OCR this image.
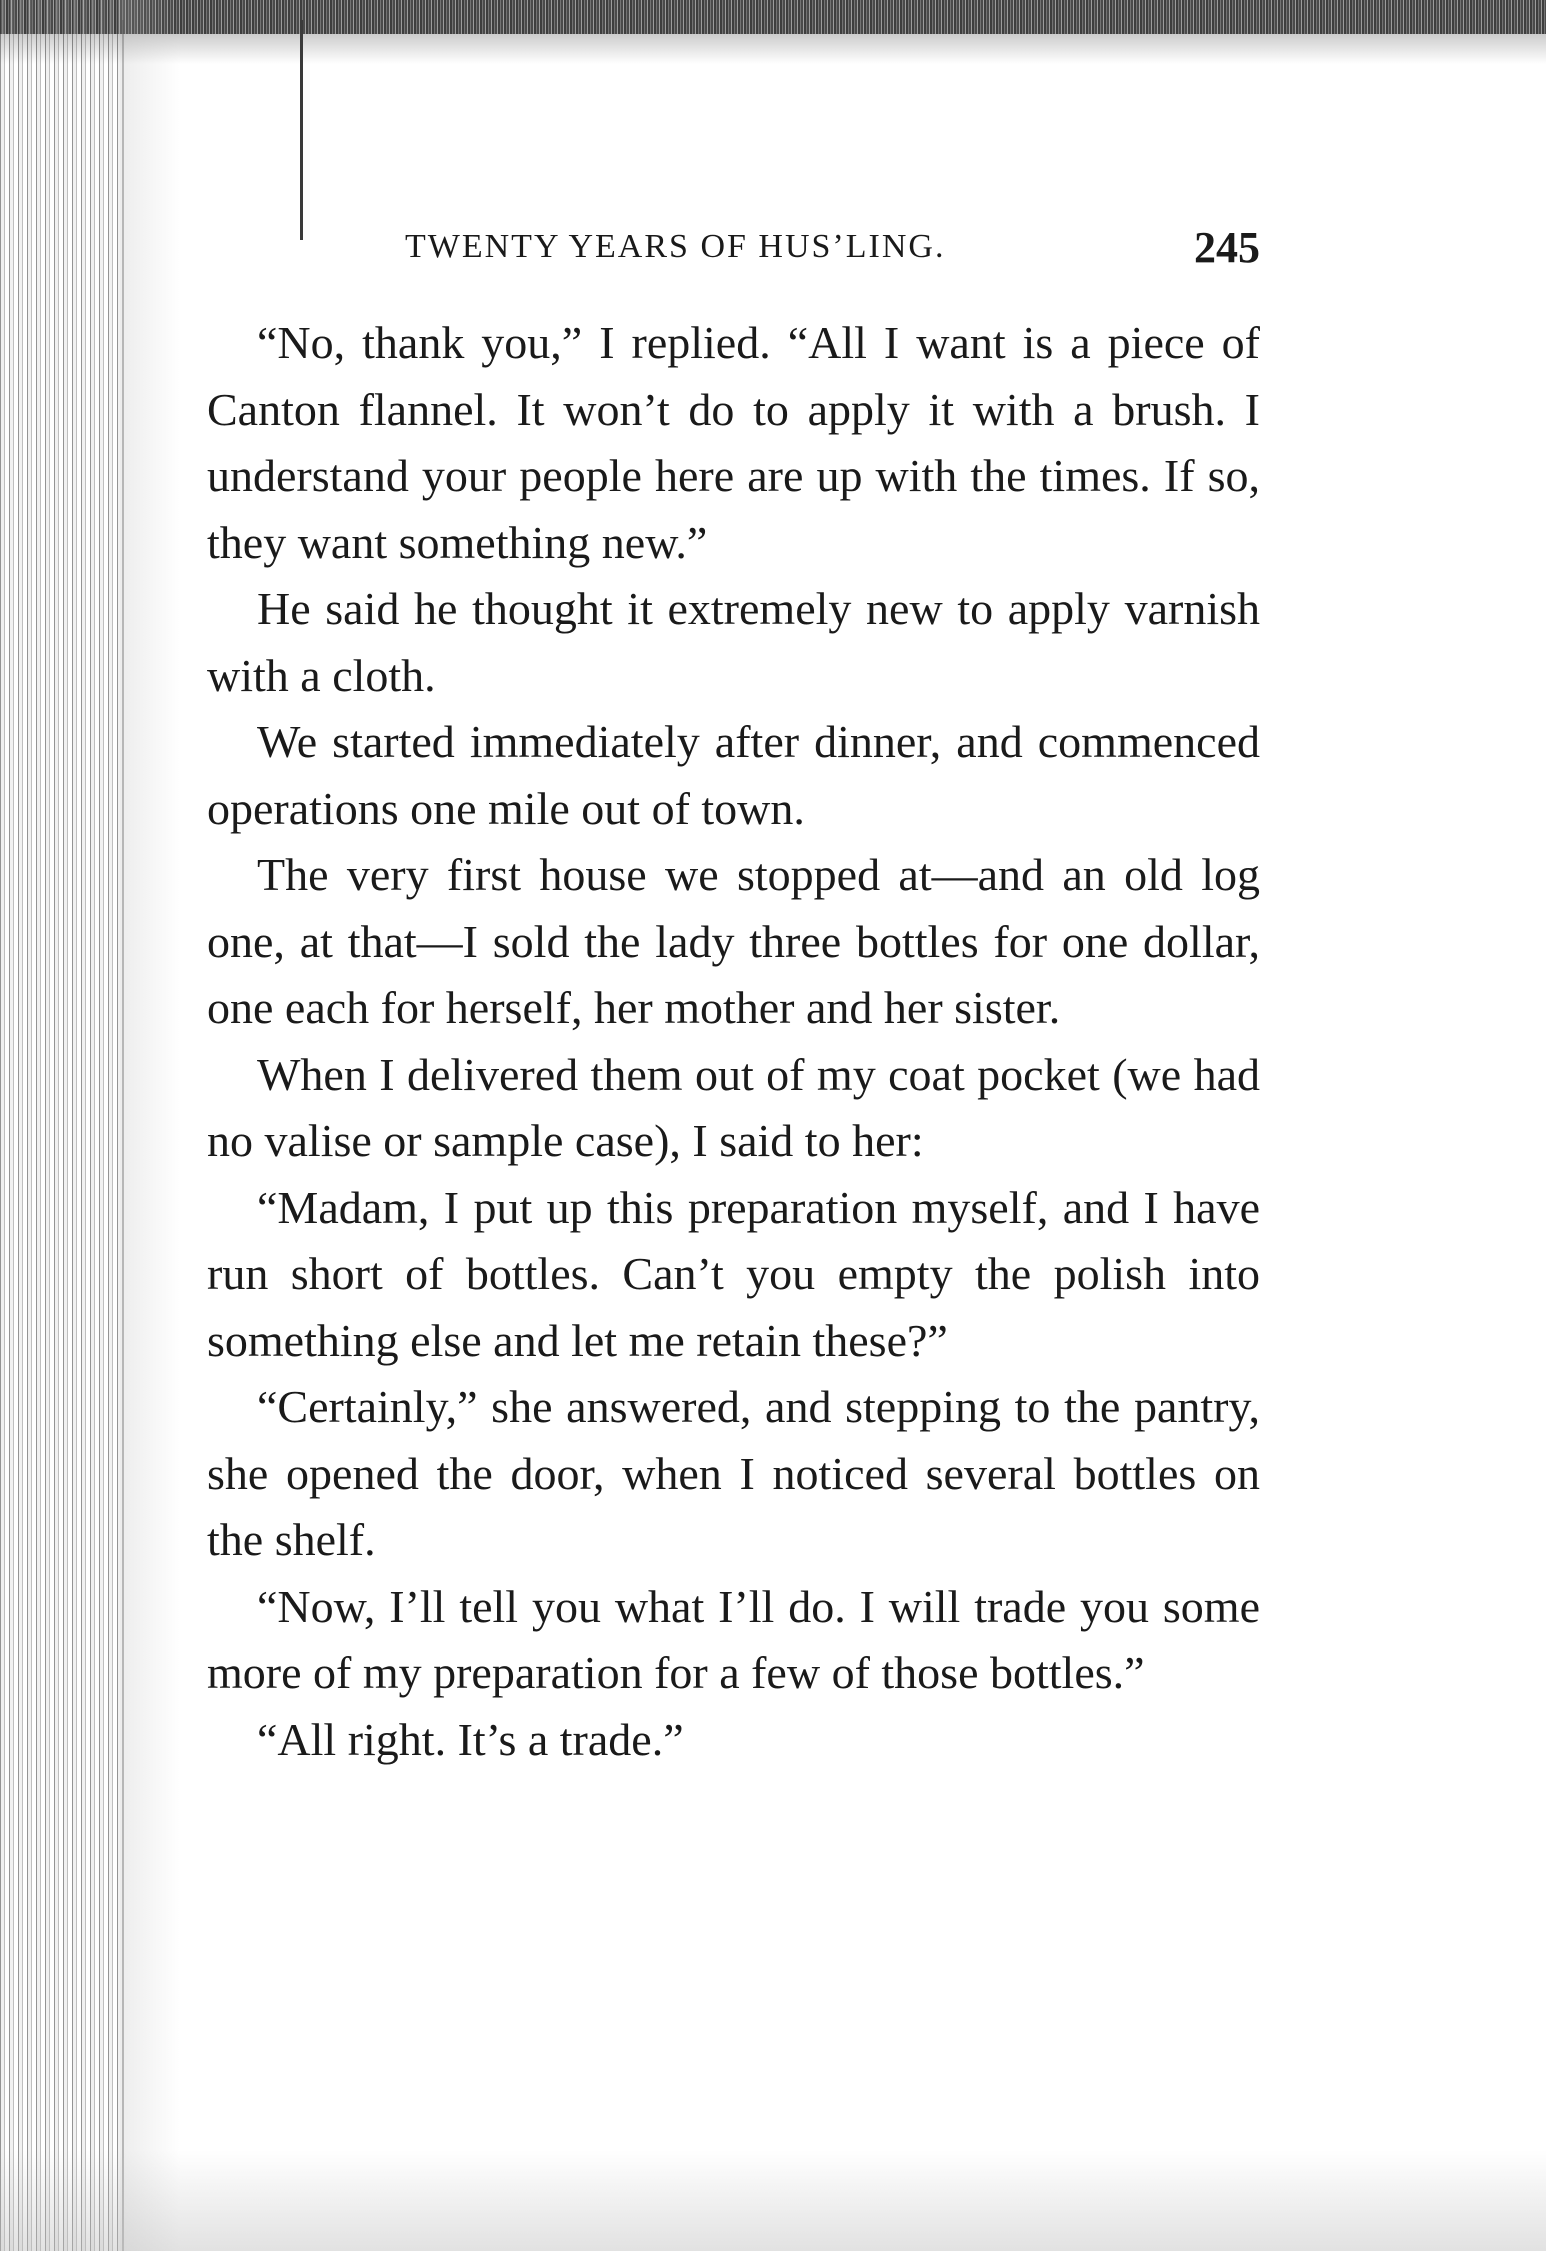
TWENTY YEARS OF HUS’LING.	245

“No, thank you,” I replied. “All I want is a piece of Canton flannel. It won’t do to apply it with a brush. I understand your people here are up with the times. If so, they want something new.”

He said he thought it extremely new to apply varnish with a cloth.

We started immediately after dinner, and commenced operations one mile out of town.

The very first house we stopped at—and an old log one, at that—I sold the lady three bottles for one dollar, one each for herself, her mother and her sister.

When I delivered them out of my coat pocket (we had no valise or sample case), I said to her:

“Madam, I put up this preparation myself, and I have run short of bottles. Can’t you empty the polish into something else and let me retain these?”

“Certainly,” she answered, and stepping to the pantry, she opened the door, when I noticed several bottles on the shelf.

“Now, I’ll tell you what I’ll do. I will trade you some more of my preparation for a few of those bottles.”

“All right. It’s a trade.”
